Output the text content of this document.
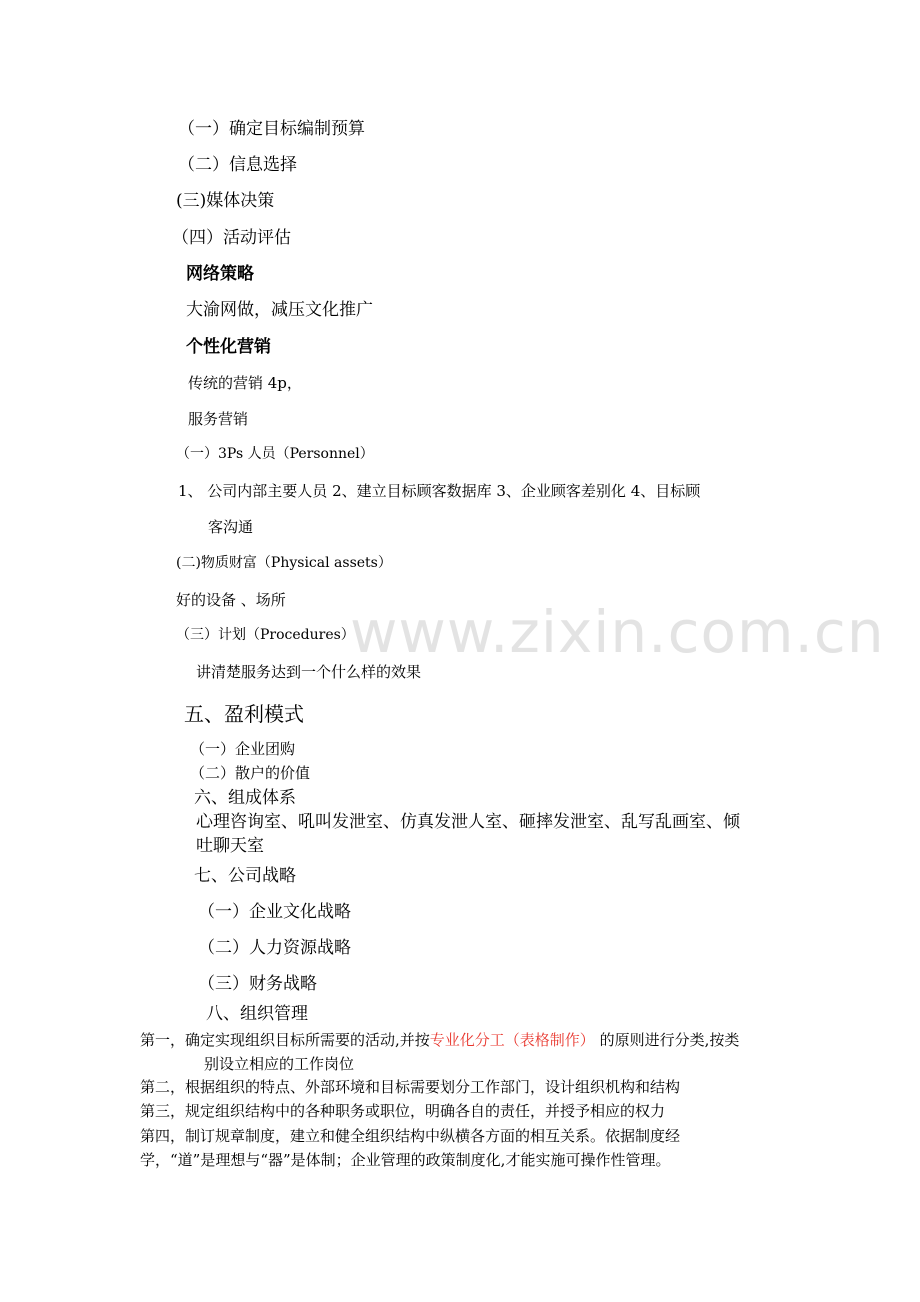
www.zixin.com.cn
（一）确定目标编制预算
（二）信息选择
(三)媒体决策
（四）活动评估
网络策略
大渝网做，减压文化推广
个性化营销
传统的营销 4p，
服务营销
（一）3Ps 人员（Personnel）
1、 公司内部主要人员 2、建立目标顾客数据库 3、企业顾客差别化 4、目标顾
客沟通
(二)物质财富（Physical assets）
好的设备 、场所
（三）计划（Procedures）
讲清楚服务达到一个什么样的效果
五、盈利模式
（一）企业团购
（二）散户的价值
六、组成体系
心理咨询室、吼叫发泄室、仿真发泄人室、砸摔发泄室、乱写乱画室、倾
吐聊天室
七、公司战略
（一）企业文化战略
（二）人力资源战略
（三）财务战略
八、组织管理
第一，确定实现组织目标所需要的活动,并按专业化分工（表格制作） 的原则进行分类,按类
别设立相应的工作岗位
第二，根据组织的特点、外部环境和目标需要划分工作部门，设计组织机构和结构
第三，规定组织结构中的各种职务或职位，明确各自的责任，并授予相应的权力
第四，制订规章制度，建立和健全组织结构中纵横各方面的相互关系。依据制度经
学，“道”是理想与“器”是体制；企业管理的政策制度化,才能实施可操作性管理。
